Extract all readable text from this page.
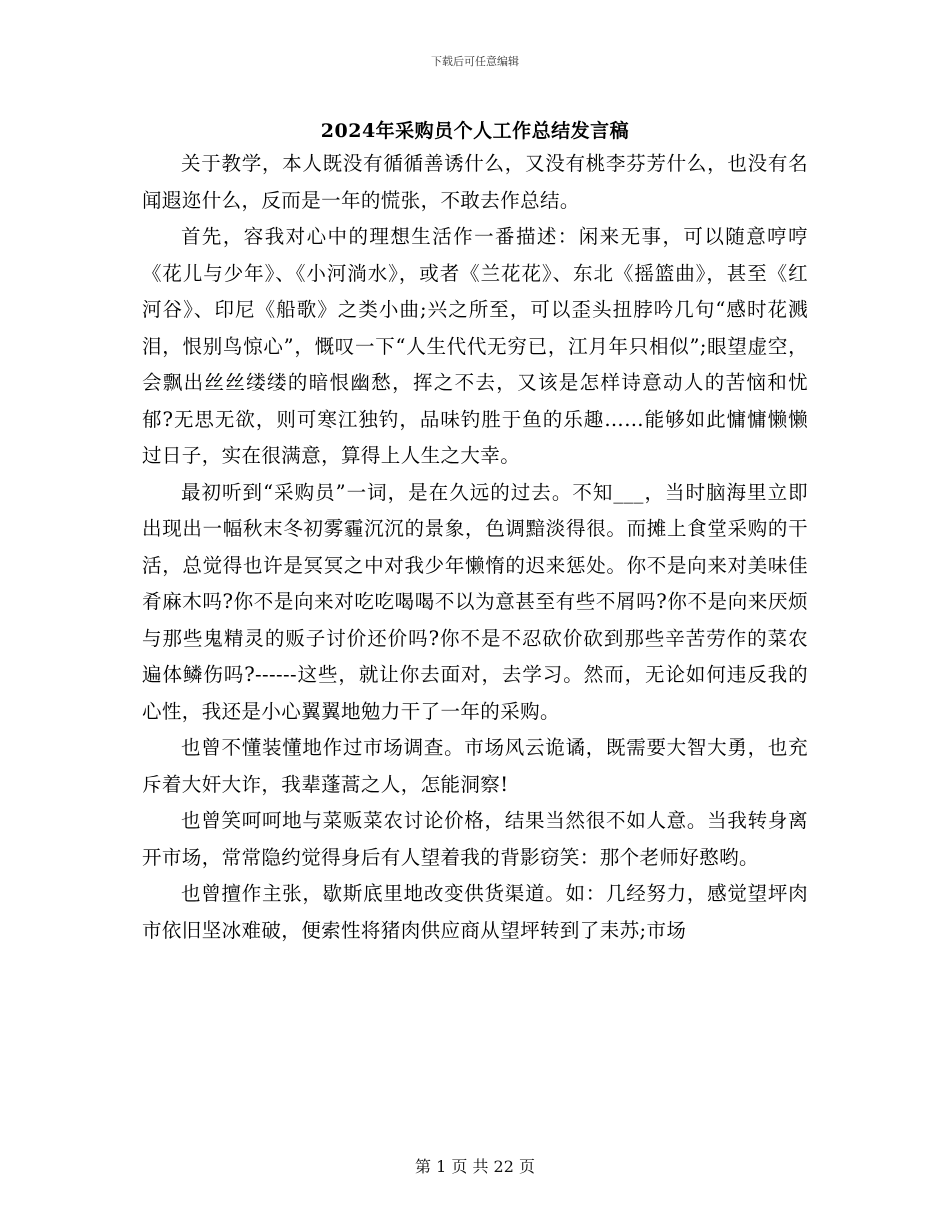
下载后可任意编辑
2024年采购员个人工作总结发言稿

关于教学，本人既没有循循善诱什么，又没有桃李芬芳什么，也没有名闻遐迩什么，反而是一年的慌张，不敢去作总结。

首先，容我对心中的理想生活作一番描述：闲来无事，可以随意哼哼《花儿与少年》、《小河淌水》，或者《兰花花》、东北《摇篮曲》，甚至《红河谷》、印尼《船歌》之类小曲;兴之所至，可以歪头扭脖吟几句“感时花溅泪，恨别鸟惊心”，慨叹一下“人生代代无穷已，江月年只相似”;眼望虚空，会飘出丝丝缕缕的暗恨幽愁，挥之不去，又该是怎样诗意动人的苦恼和忧郁?无思无欲，则可寒江独钓，品味钓胜于鱼的乐趣……能够如此慵慵懒懒过日子，实在很满意，算得上人生之大幸。

最初听到“采购员”一词，是在久远的过去。不知___，当时脑海里立即出现出一幅秋末冬初雾霾沉沉的景象，色调黯淡得很。而摊上食堂采购的干活，总觉得也许是冥冥之中对我少年懒惰的迟来惩处。你不是向来对美味佳肴麻木吗?你不是向来对吃吃喝喝不以为意甚至有些不屑吗?你不是向来厌烦与那些鬼精灵的贩子讨价还价吗?你不是不忍砍价砍到那些辛苦劳作的菜农遍体鳞伤吗?------这些，就让你去面对，去学习。然而，无论如何违反我的心性，我还是小心翼翼地勉力干了一年的采购。

也曾不懂装懂地作过市场调查。市场风云诡谲，既需要大智大勇，也充斥着大奸大诈，我辈蓬蒿之人，怎能洞察!

也曾笑呵呵地与菜贩菜农讨论价格，结果当然很不如人意。当我转身离开市场，常常隐约觉得身后有人望着我的背影窃笑：那个老师好憨哟。

也曾擅作主张，歇斯底里地改变供货渠道。如：几经努力，感觉望坪肉市依旧坚冰难破，便索性将猪肉供应商从望坪转到了耒苏;市场

第 1 页 共 22 页
